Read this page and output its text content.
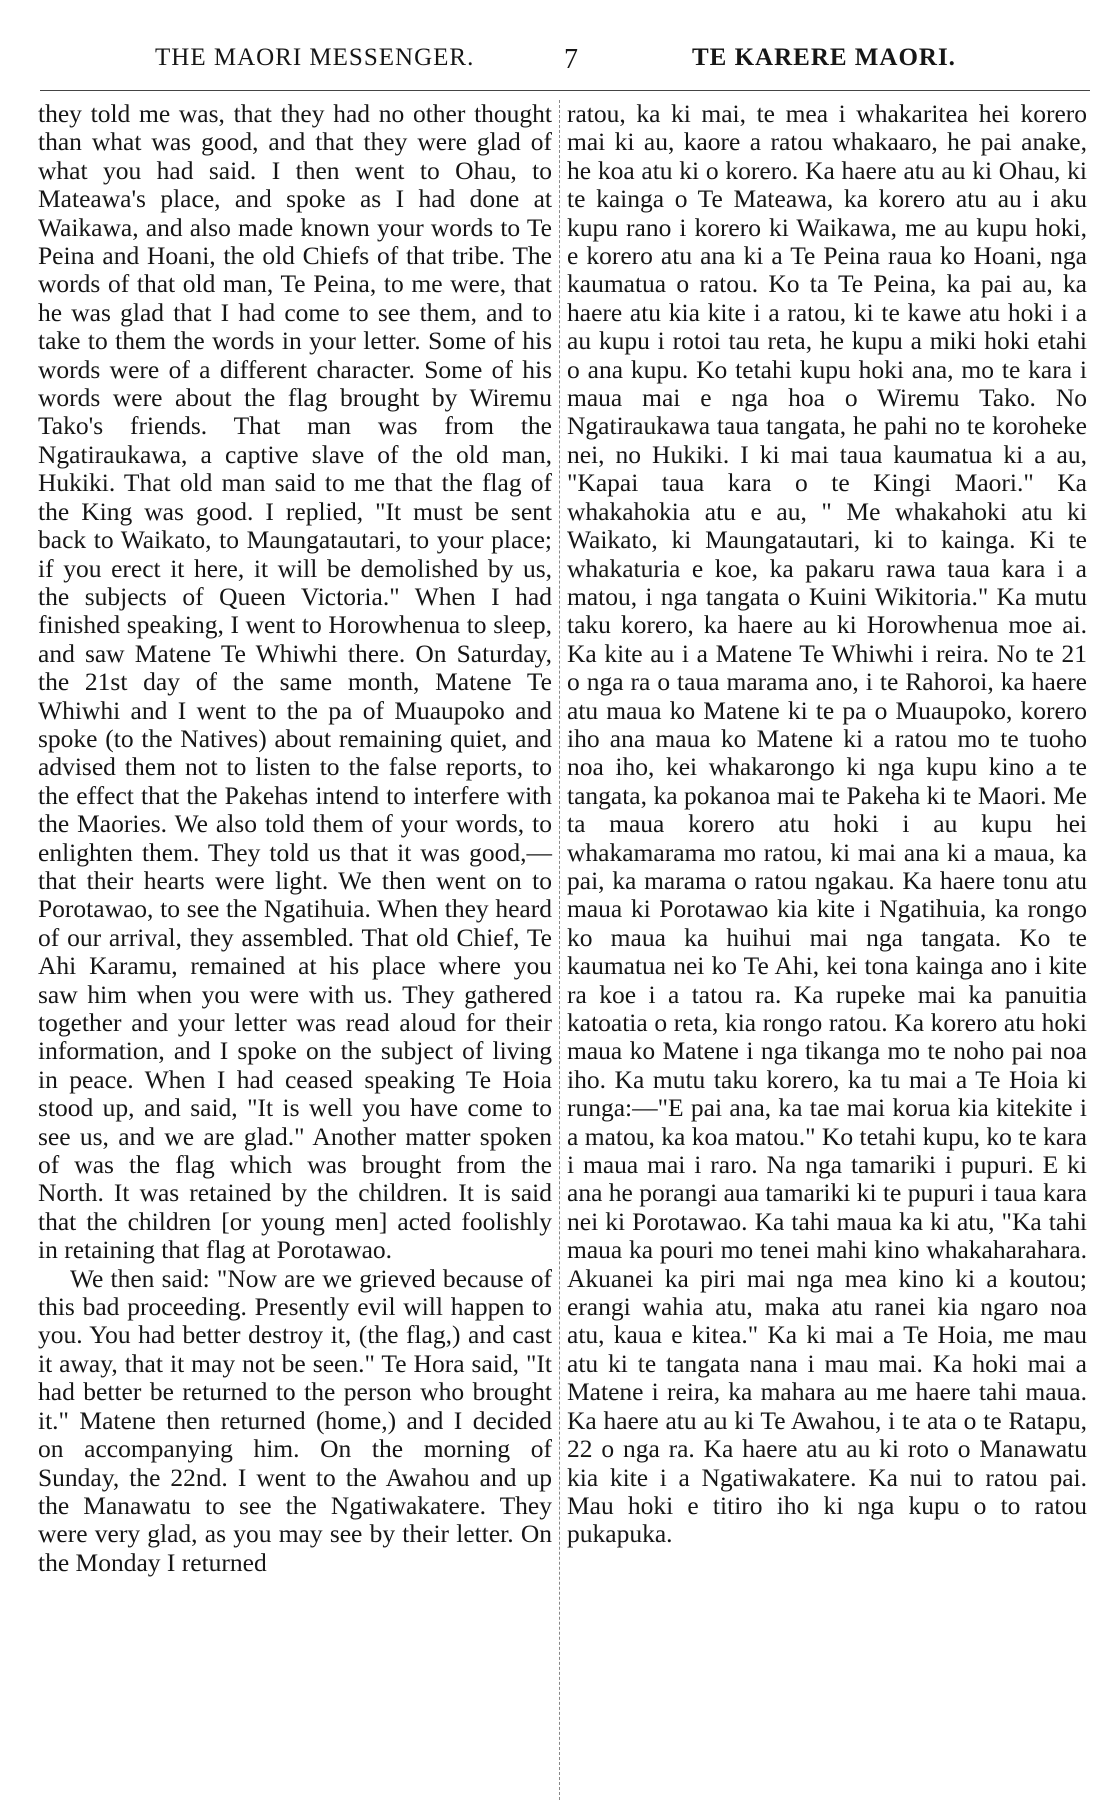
THE MAORI MESSENGER.	7	TE KARERE MAORI.

they told me was, that they had no other thought than what was good, and that they were glad of what you had said. I then went to Ohau, to Mateawa's place, and spoke as I had done at Waikawa, and also made known your words to Te Peina and Hoani, the old Chiefs of that tribe. The words of that old man, Te Peina, to me were, that he was glad that I had come to see them, and to take to them the words in your letter. Some of his words were of a different character. Some of his words were about the flag brought by Wiremu Tako's friends. That man was from the Ngatiraukawa, a captive slave of the old man, Hukiki. That old man said to me that the flag of the King was good. I replied, "It must be sent back to Waikato, to Maungatautari, to your place; if you erect it here, it will be demolished by us, the subjects of Queen Victoria." When I had finished speaking, I went to Horowhenua to sleep, and saw Matene Te Whiwhi there. On Saturday, the 21st day of the same month, Matene Te Whiwhi and I went to the pa of Muaupoko and spoke (to the Natives) about remaining quiet, and advised them not to listen to the false reports, to the effect that the Pakehas intend to interfere with the Maories. We also told them of your words, to enlighten them. They told us that it was good,—that their hearts were light. We then went on to Porotawao, to see the Ngatihuia. When they heard of our arrival, they assembled. That old Chief, Te Ahi Karamu, remained at his place where you saw him when you were with us. They gathered together and your letter was read aloud for their information, and I spoke on the subject of living in peace. When I had ceased speaking Te Hoia stood up, and said, "It is well you have come to see us, and we are glad." Another matter spoken of was the flag which was brought from the North. It was retained by the children. It is said that the children [or young men] acted foolishly in retaining that flag at Porotawao.

We then said: "Now are we grieved because of this bad proceeding. Presently evil will happen to you. You had better destroy it, (the flag,) and cast it away, that it may not be seen." Te Hora said, "It had better be returned to the person who brought it." Matene then returned (home,) and I decided on accompanying him. On the morning of Sunday, the 22nd. I went to the Awahou and up the Manawatu to see the Ngatiwakatere. They were very glad, as you may see by their letter. On the Monday I returned

ratou, ka ki mai, te mea i whakaritea hei korero mai ki au, kaore a ratou whakaaro, he pai anake, he koa atu ki o korero. Ka haere atu au ki Ohau, ki te kainga o Te Mateawa, ka korero atu au i aku kupu rano i korero ki Waikawa, me au kupu hoki, e korero atu ana ki a Te Peina raua ko Hoani, nga kaumatua o ratou. Ko ta Te Peina, ka pai au, ka haere atu kia kite i a ratou, ki te kawe atu hoki i a au kupu i rotoi tau reta, he kupu a miki hoki etahi o ana kupu. Ko tetahi kupu hoki ana, mo te kara i maua mai e nga hoa o Wiremu Tako. No Ngatiraukawa taua tangata, he pahi no te koroheke nei, no Hukiki. I ki mai taua kaumatua ki a au, "Kapai taua kara o te Kingi Maori." Ka whakahokia atu e au, " Me whakahoki atu ki Waikato, ki Maungatautari, ki to kainga. Ki te whakaturia e koe, ka pakaru rawa taua kara i a matou, i nga tangata o Kuini Wikitoria." Ka mutu taku korero, ka haere au ki Horowhenua moe ai. Ka kite au i a Matene Te Whiwhi i reira. No te 21 o nga ra o taua marama ano, i te Rahoroi, ka haere atu maua ko Matene ki te pa o Muaupoko, korero iho ana maua ko Matene ki a ratou mo te tuoho noa iho, kei whakarongo ki nga kupu kino a te tangata, ka pokanoa mai te Pakeha ki te Maori. Me ta maua korero atu hoki i au kupu hei whakamarama mo ratou, ki mai ana ki a maua, ka pai, ka marama o ratou ngakau. Ka haere tonu atu maua ki Porotawao kia kite i Ngatihuia, ka rongo ko maua ka huihui mai nga tangata. Ko te kaumatua nei ko Te Ahi, kei tona kainga ano i kite ra koe i a tatou ra. Ka rupeke mai ka panuitia katoatia o reta, kia rongo ratou. Ka korero atu hoki maua ko Matene i nga tikanga mo te noho pai noa iho. Ka mutu taku korero, ka tu mai a Te Hoia ki runga:—"E pai ana, ka tae mai korua kia kitekite i a matou, ka koa matou." Ko tetahi kupu, ko te kara i maua mai i raro. Na nga tamariki i pupuri. E ki ana he porangi aua tamariki ki te pupuri i taua kara nei ki Porotawao. Ka tahi maua ka ki atu, "Ka tahi maua ka pouri mo tenei mahi kino whakaharahara. Akuanei ka piri mai nga mea kino ki a koutou; erangi wahia atu, maka atu ranei kia ngaro noa atu, kaua e kitea." Ka ki mai a Te Hoia, me mau atu ki te tangata nana i mau mai. Ka hoki mai a Matene i reira, ka mahara au me haere tahi maua. Ka haere atu au ki Te Awahou, i te ata o te Ratapu, 22 o nga ra. Ka haere atu au ki roto o Manawatu kia kite i a Ngatiwakatere. Ka nui to ratou pai. Mau hoki e titiro iho ki nga kupu o to ratou pukapuka.
